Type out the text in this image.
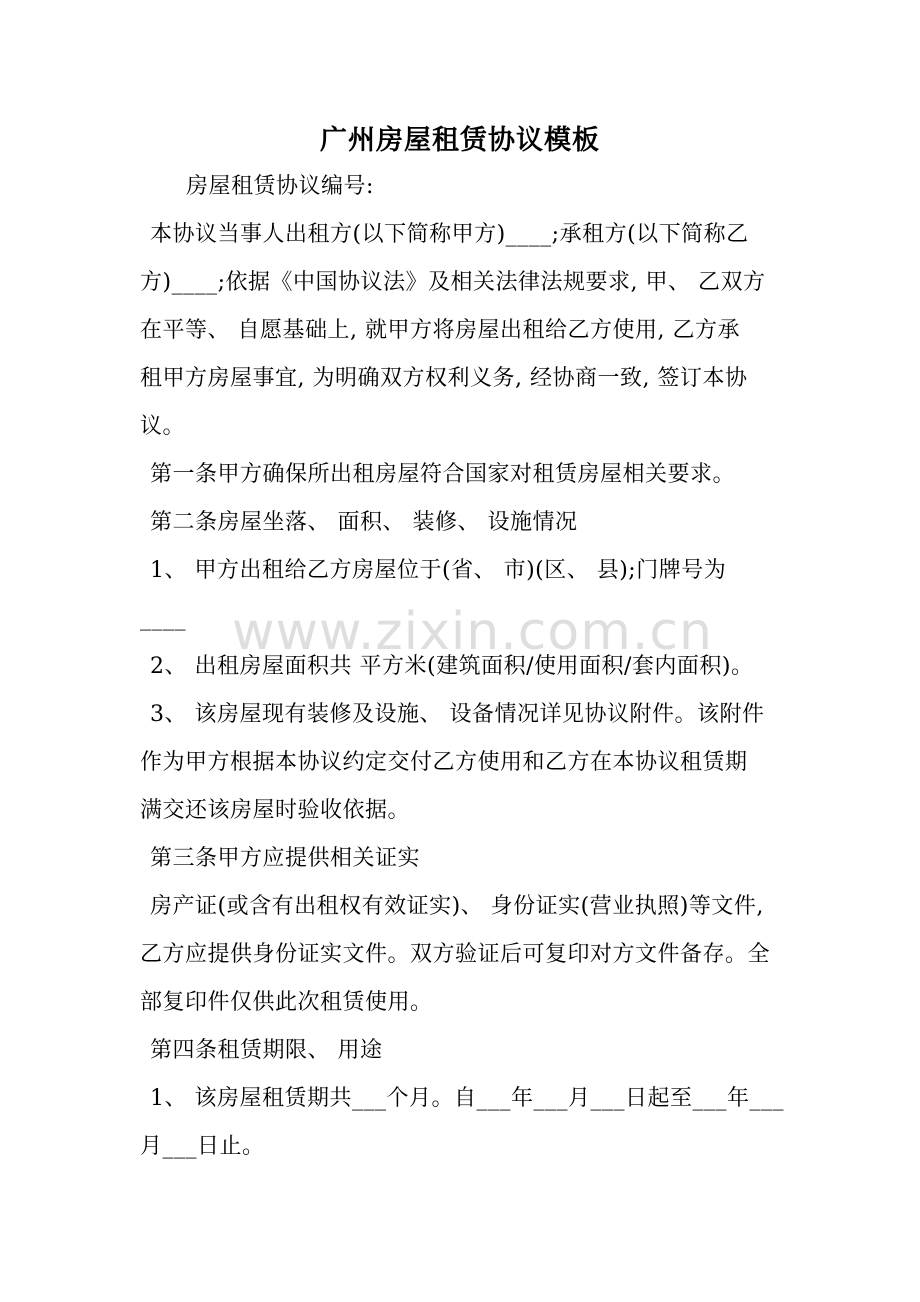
广州房屋租赁协议模板
房屋租赁协议编号:
本协议当事人出租方(以下简称甲方)____;承租方(以下简称乙
方)____;依据《中国协议法》及相关法律法规要求, 甲、 乙双方
在平等、 自愿基础上, 就甲方将房屋出租给乙方使用, 乙方承
租甲方房屋事宜, 为明确双方权利义务, 经协商一致, 签订本协
议。
第一条甲方确保所出租房屋符合国家对租赁房屋相关要求。
第二条房屋坐落、 面积、 装修、 设施情况
1、 甲方出租给乙方房屋位于(省、 市)(区、 县);门牌号为
____
2、 出租房屋面积共 平方米(建筑面积/使用面积/套内面积)。
3、 该房屋现有装修及设施、 设备情况详见协议附件。该附件
作为甲方根据本协议约定交付乙方使用和乙方在本协议租赁期
满交还该房屋时验收依据。
第三条甲方应提供相关证实
房产证(或含有出租权有效证实)、 身份证实(营业执照)等文件,
乙方应提供身份证实文件。双方验证后可复印对方文件备存。全
部复印件仅供此次租赁使用。
第四条租赁期限、 用途
1、 该房屋租赁期共___个月。自___年___月___日起至___年___
月___日止。
www.zixin.com.cn
